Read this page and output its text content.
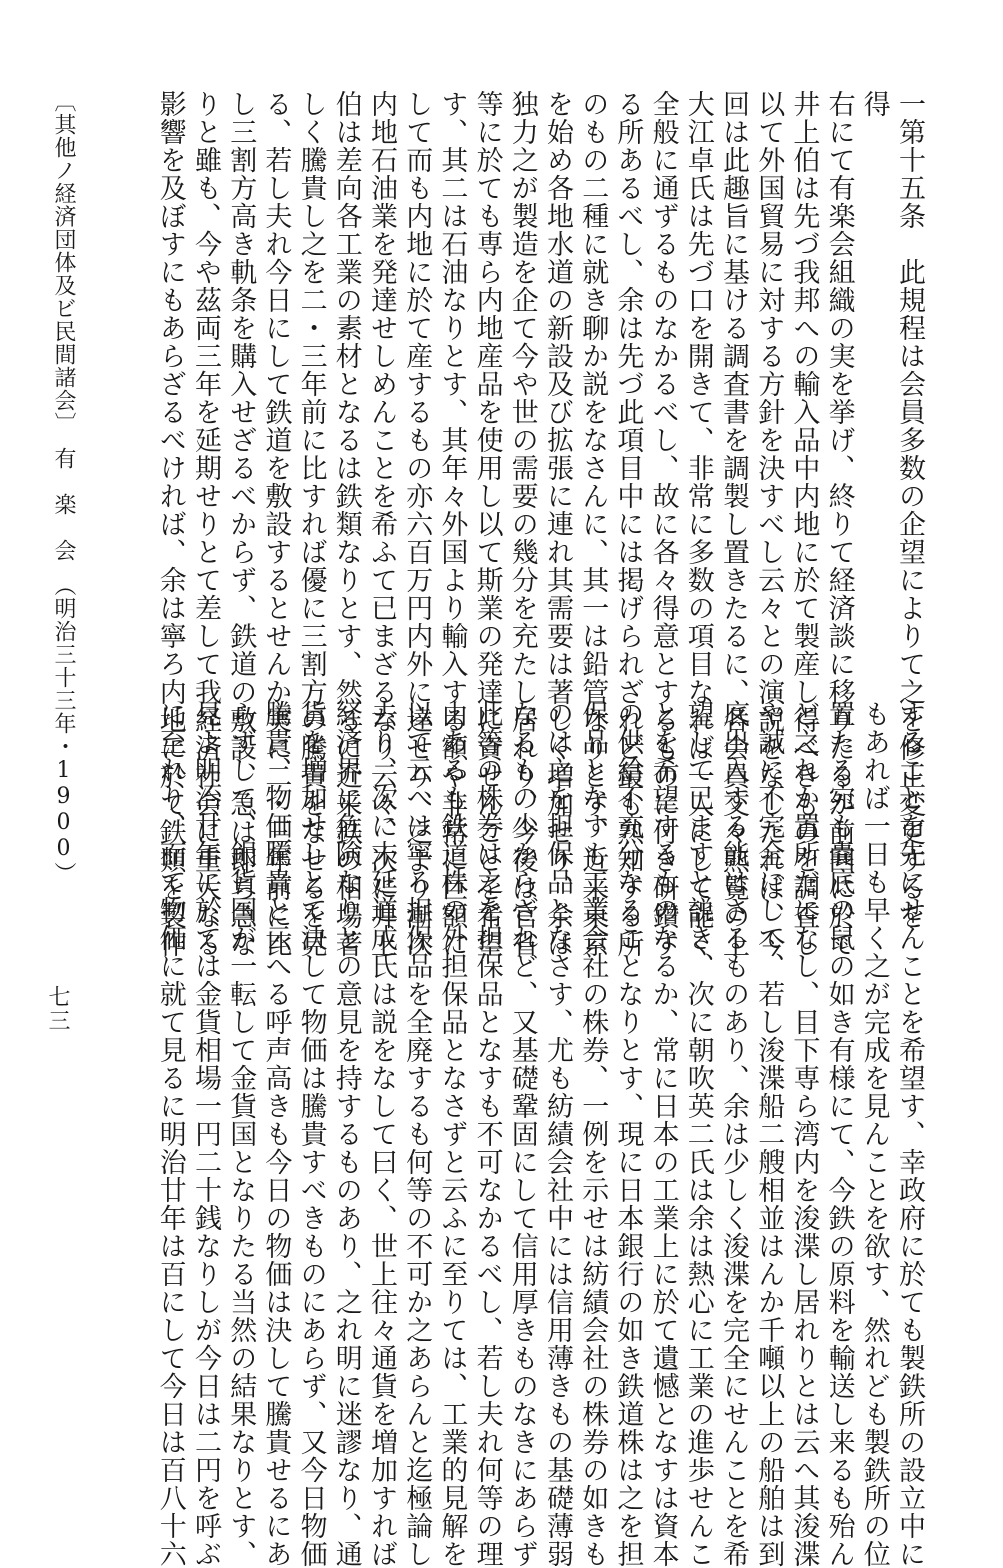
一第十五条　此規程は会員多数の企望によりて之を修正変更するを
得
右にて有楽会組織の実を挙げ、終りて経済談に移りたるが前回に於て
井上伯は先づ我邦への輸入品中内地に於て製産し得べきものを調査し
以て外国貿易に対する方針を決すべし云々との演説をなしたれば、今
回は此趣旨に基ける調査書を調製し置きたるに、各会員交々熟覧の上
大江卓氏は先づ口を開きて、非常に多数の項目なれば一人にして能く
全般に通ずるものなかるべし、故に各々得意とするものに付き研鑽す
る所あるべし、余は先づ此項目中には掲げられざれど最も熟知する所
のもの二種に就き聊か説をなさんに、其一は鉛管なりとす、近来東京
を始め各地水道の新設及び拡張に連れ其需要は著しく増加せり、余は
独力之が製造を企て今や世の需要の幾分を充たし居れり、今後は官省
等に於ても専ら内地産品を使用し以て斯業の発達に資せんことを希望
す、其二は石油なりとす、其年々外国より輸入する額や非常に巨額に
して而も内地に於て産するもの亦六百万円内外に達せり、之より漸次
内地石油業を発達せしめんことを希ふて已まざるなり云々、次に井上
伯は差向各工業の素材となるは鉄類なりとす、然るに近来鉄の相場著
しく騰貴し之を二・三年前に比すれば優に三割方の騰貴をなせるを見
る、若し夫れ今日にして鉄道を敷設するとせんか実に二・三年前に比
し三割方高き軌条を購入せざるべからず、鉄道の敷設、急は即ち急な
りと雖も、今や茲両三年を延期せりとて差して我経済社会に重大なる
影響を及ぼすにもあらざるべければ、余は寧ろ内地に於て鉄類を製作
することを先にせんことを希望す、幸政府に於ても製鉄所の設立中に
もあれば一日も早く之が完成を見んことを欲す、然れども製鉄所の位
置たる宛も嚢底の鼠の如き有様にて、今鉄の原料を輸送し来るも殆ん
ど之れか置所だになし、目下専ら湾内を浚渫し居れりとは云へ其浚渫
や誠に不完全にして、若し浚渫船二艘相並はんか千噸以上の船舶は到
底出入する能はさるものあり、余は少しく浚渫を完全にせんことを希
望して已ますと説き、次に朝吹英二氏は余は熱心に工業の進歩せんこ
とを希望するものなるか、常に日本の工業上に於て遺憾となすは資本
の供給不充分なることなりとす、現に日本銀行の如き鉄道株は之を担
保品となすも工業会社の株券、一例を示せは紡績会社の株券の如きも
のは之を担保品となさす、尤も紡績会社中には信用薄きもの基礎薄弱
なるもの少からざれど、又基礎鞏固にして信用厚きものなきにあらず
此等の株券は之を担保品となすも不可なかるべし、若し夫れ何等の理
由あるも鉄道株の外担保品となさずと云ふに至りては、工業的見解を
以て云へは寧ろ担保品を全廃するも何等の不可か之あらんと迄極論し
去り、次に末延道成氏は説をなして曰く、世上往々通貨を増加すれば
経済界に危険なりとの意見を持するものあり、之れ明に迷謬なり、通
貨を増加せしとて決して物価は騰貴すべきものにあらず、又今日物価
騰貴、物価騰貴と云へる呼声高きも今日の物価は決して騰貴せるにあ
らずして、銀貨国が一転して金貨国となりたる当然の結果なりとす、
見よ明治廿年に於ては金貨相場一円二十銭なりしが今日は二円を呼ぶ
に至れり、而て物価に就て見るに明治廿年は百にして今日は百八十六
〔其他ノ経済団体及ビ民間諸会〕　有　楽　会　（明治三十三年・1900）
七三
